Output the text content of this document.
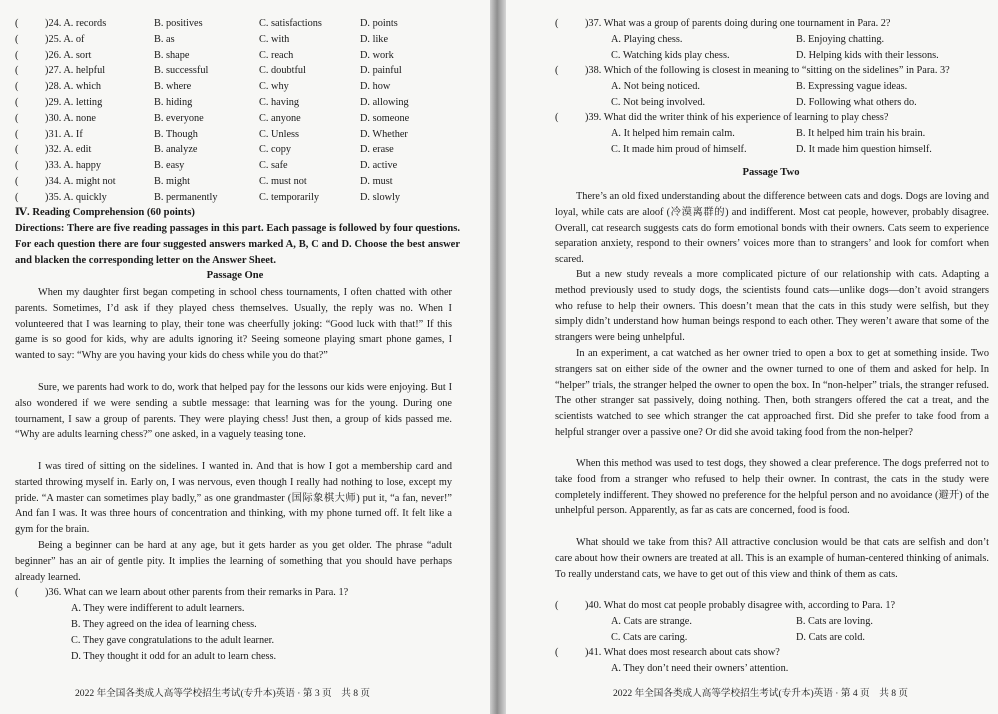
(	)24. A. records	B. positives	C. satisfactions	D. points
(	)25. A. of	B. as	C. with	D. like
(	)26. A. sort	B. shape	C. reach	D. work
(	)27. A. helpful	B. successful	C. doubtful	D. painful
(	)28. A. which	B. where	C. why	D. how
(	)29. A. letting	B. hiding	C. having	D. allowing
(	)30. A. none	B. everyone	C. anyone	D. someone
(	)31. A. If	B. Though	C. Unless	D. Whether
(	)32. A. edit	B. analyze	C. copy	D. erase
(	)33. A. happy	B. easy	C. safe	D. active
(	)34. A. might not	B. might	C. must not	D. must
(	)35. A. quickly	B. permanently	C. temporarily	D. slowly
Ⅳ. Reading Comprehension (60 points)
Directions: There are five reading passages in this part. Each passage is followed by four questions. For each question there are four suggested answers marked A, B, C and D. Choose the best answer and blacken the corresponding letter on the Answer Sheet.
Passage One
When my daughter first began competing in school chess tournaments, I often chatted with other parents. Sometimes, I’d ask if they played chess themselves. Usually, the reply was no. When I volunteered that I was learning to play, their tone was cheerfully joking: “Good luck with that!” If this game is so good for kids, why are adults ignoring it? Seeing someone playing smart phone games, I wanted to say: “Why are you having your kids do chess while you do that?”
Sure, we parents had work to do, work that helped pay for the lessons our kids were enjoying. But I also wondered if we were sending a subtle message: that learning was for the young. During one tournament, I saw a group of parents. They were playing chess! Just then, a group of kids passed me. “Why are adults learning chess?” one asked, in a vaguely teasing tone.
I was tired of sitting on the sidelines. I wanted in. And that is how I got a membership card and started throwing myself in. Early on, I was nervous, even though I really had nothing to lose, except my pride. “A master can sometimes play badly,” as one grandmaster (国际象棋大师) put it, “a fan, never!” And fan I was. It was three hours of concentration and thinking, with my phone turned off. It felt like a gym for the brain.
Being a beginner can be hard at any age, but it gets harder as you get older. The phrase “adult beginner” has an air of gentle pity. It implies the learning of something that you should have perhaps already learned.
(	)36. What can we learn about other parents from their remarks in Para. 1?
A. They were indifferent to adult learners.
B. They agreed on the idea of learning chess.
C. They gave congratulations to the adult learner.
D. They thought it odd for an adult to learn chess.
2022 年全国各类成人高等学校招生考试(专升本)英语 · 第 3 页　共 8 页
(	)37. What was a group of parents doing during one tournament in Para. 2?
A. Playing chess.	B. Enjoying chatting.
C. Watching kids play chess.	D. Helping kids with their lessons.
(	)38. Which of the following is closest in meaning to “sitting on the sidelines” in Para. 3?
A. Not being noticed.	B. Expressing vague ideas.
C. Not being involved.	D. Following what others do.
(	)39. What did the writer think of his experience of learning to play chess?
A. It helped him remain calm.	B. It helped him train his brain.
C. It made him proud of himself.	D. It made him question himself.
Passage Two
There’s an old fixed understanding about the difference between cats and dogs. Dogs are loving and loyal, while cats are aloof (冷漠离群的) and indifferent. Most cat people, however, probably disagree. Overall, cat research suggests cats do form emotional bonds with their owners. Cats seem to experience separation anxiety, respond to their owners’ voices more than to strangers’ and look for comfort when scared.
But a new study reveals a more complicated picture of our relationship with cats. Adapting a method previously used to study dogs, the scientists found cats—unlike dogs—don’t avoid strangers who refuse to help their owners. This doesn’t mean that the cats in this study were selfish, but they simply didn’t understand how human beings respond to each other. They weren’t aware that some of the strangers were being unhelpful.
In an experiment, a cat watched as her owner tried to open a box to get at something inside. Two strangers sat on either side of the owner and the owner turned to one of them and asked for help. In “helper” trials, the stranger helped the owner to open the box. In “non-helper” trials, the stranger refused. The other stranger sat passively, doing nothing. Then, both strangers offered the cat a treat, and the scientists watched to see which stranger the cat approached first. Did she prefer to take food from a helpful stranger over a passive one? Or did she avoid taking food from the non-helper?
When this method was used to test dogs, they showed a clear preference. The dogs preferred not to take food from a stranger who refused to help their owner. In contrast, the cats in the study were completely indifferent. They showed no preference for the helpful person and no avoidance (避开) of the unhelpful person. Apparently, as far as cats are concerned, food is food.
What should we take from this? All attractive conclusion would be that cats are selfish and don’t care about how their owners are treated at all. This is an example of human-centered thinking of animals. To really understand cats, we have to get out of this view and think of them as cats.
(	)40. What do most cat people probably disagree with, according to Para. 1?
A. Cats are strange.	B. Cats are loving.
C. Cats are caring.	D. Cats are cold.
(	)41. What does most research about cats show?
A. They don’t need their owners’ attention.
2022 年全国各类成人高等学校招生考试(专升本)英语 · 第 4 页　共 8 页
